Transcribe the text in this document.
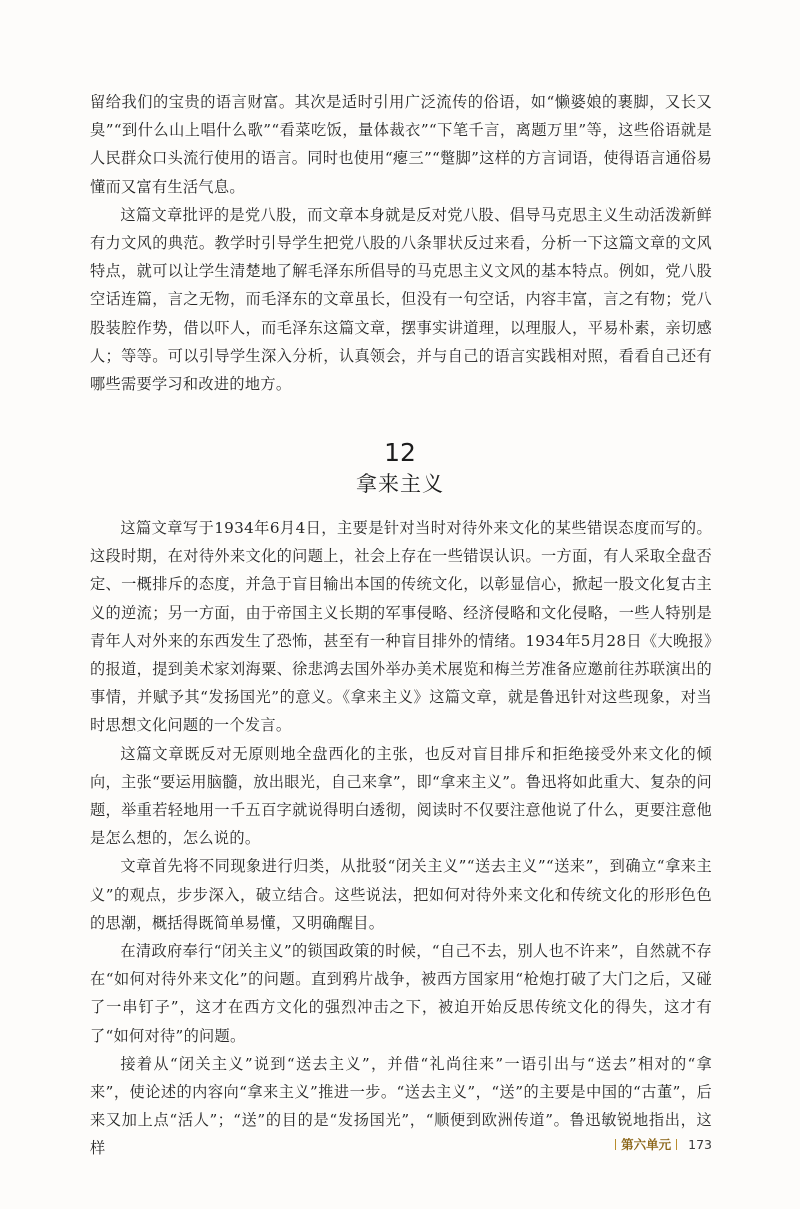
留给我们的宝贵的语言财富。其次是适时引用广泛流传的俗语，如“懒婆娘的裹脚，又长又臭”“到什么山上唱什么歌”“看菜吃饭，量体裁衣”“下笔千言，离题万里”等，这些俗语就是人民群众口头流行使用的语言。同时也使用“瘪三”“蹩脚”这样的方言词语，使得语言通俗易懂而又富有生活气息。

这篇文章批评的是党八股，而文章本身就是反对党八股、倡导马克思主义生动活泼新鲜有力文风的典范。教学时引导学生把党八股的八条罪状反过来看，分析一下这篇文章的文风特点，就可以让学生清楚地了解毛泽东所倡导的马克思主义文风的基本特点。例如，党八股空话连篇，言之无物，而毛泽东的文章虽长，但没有一句空话，内容丰富，言之有物；党八股装腔作势，借以吓人，而毛泽东这篇文章，摆事实讲道理，以理服人，平易朴素，亲切感人；等等。可以引导学生深入分析，认真领会，并与自己的语言实践相对照，看看自己还有哪些需要学习和改进的地方。

12
拿来主义

这篇文章写于1934年6月4日，主要是针对当时对待外来文化的某些错误态度而写的。这段时期，在对待外来文化的问题上，社会上存在一些错误认识。一方面，有人采取全盘否定、一概排斥的态度，并急于盲目输出本国的传统文化，以彰显信心，掀起一股文化复古主义的逆流；另一方面，由于帝国主义长期的军事侵略、经济侵略和文化侵略，一些人特别是青年人对外来的东西发生了恐怖，甚至有一种盲目排外的情绪。1934年5月28日《大晚报》的报道，提到美术家刘海粟、徐悲鸿去国外举办美术展览和梅兰芳准备应邀前往苏联演出的事情，并赋予其“发扬国光”的意义。《拿来主义》这篇文章，就是鲁迅针对这些现象，对当时思想文化问题的一个发言。

这篇文章既反对无原则地全盘西化的主张，也反对盲目排斥和拒绝接受外来文化的倾向，主张“要运用脑髓，放出眼光，自己来拿”，即“拿来主义”。鲁迅将如此重大、复杂的问题，举重若轻地用一千五百字就说得明白透彻，阅读时不仅要注意他说了什么，更要注意他是怎么想的，怎么说的。

文章首先将不同现象进行归类，从批驳“闭关主义”“送去主义”“送来”，到确立“拿来主义”的观点，步步深入，破立结合。这些说法，把如何对待外来文化和传统文化的形形色色的思潮，概括得既简单易懂，又明确醒目。

在清政府奉行“闭关主义”的锁国政策的时候，“自己不去，别人也不许来”，自然就不存在“如何对待外来文化”的问题。直到鸦片战争，被西方国家用“枪炮打破了大门之后，又碰了一串钉子”，这才在西方文化的强烈冲击之下，被迫开始反思传统文化的得失，这才有了“如何对待”的问题。

接着从“闭关主义”说到“送去主义”，并借“礼尚往来”一语引出与“送去”相对的“拿来”，使论述的内容向“拿来主义”推进一步。“送去主义”，“送”的主要是中国的“古董”，后来又加上点“活人”；“送”的目的是“发扬国光”，“顺便到欧洲传道”。鲁迅敏锐地指出，这样	第六单元 173
